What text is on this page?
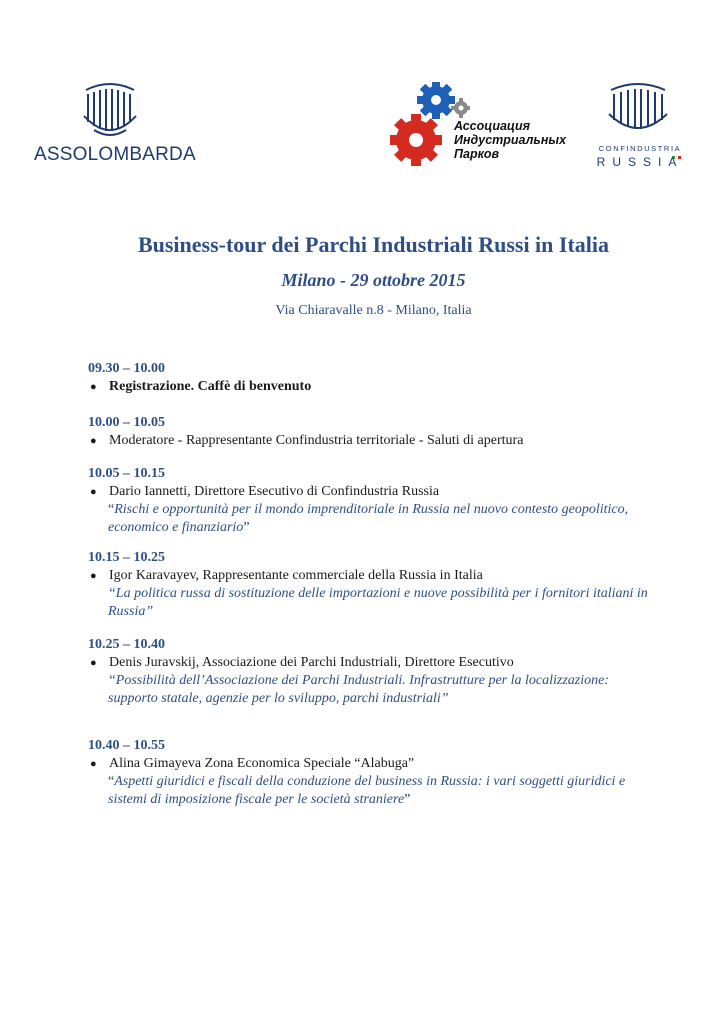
ASSOLOMBARDA
Ассоциация
Индустриальных
Парков	CONFINDUSTRIA
RUSSIA
Business-tour dei Parchi Industriali Russi in Italia
Milano - 29 ottobre 2015
Via Chiaravalle n.8 - Milano, Italia
09.30 – 10.00
● Registrazione. Caffè di benvenuto
10.00 – 10.05
● Moderatore - Rappresentante Confindustria territoriale - Saluti di apertura
10.05 – 10.15
● Dario Iannetti, Direttore Esecutivo di Confindustria Russia
“Rischi e opportunità per il mondo imprenditoriale in Russia nel nuovo contesto geopolitico,
economico e finanziario”
10.15 – 10.25
● Igor Karavayev, Rappresentante commerciale della Russia in Italia
“La politica russa di sostituzione delle importazioni e nuove possibilità per i fornitori italiani in
Russia”
10.25 – 10.40
● Denis Juravskij, Associazione dei Parchi Industriali, Direttore Esecutivo
“Possibilità dell’Associazione dei Parchi Industriali. Infrastrutture per la localizzazione:
supporto statale, agenzie per lo sviluppo, parchi industriali”
10.40 – 10.55
● Alina Gimayeva Zona Economica Speciale “Alabuga”
“Aspetti giuridici e fiscali della conduzione del business in Russia: i vari soggetti giuridici e
sistemi di imposizione fiscale per le società straniere”
